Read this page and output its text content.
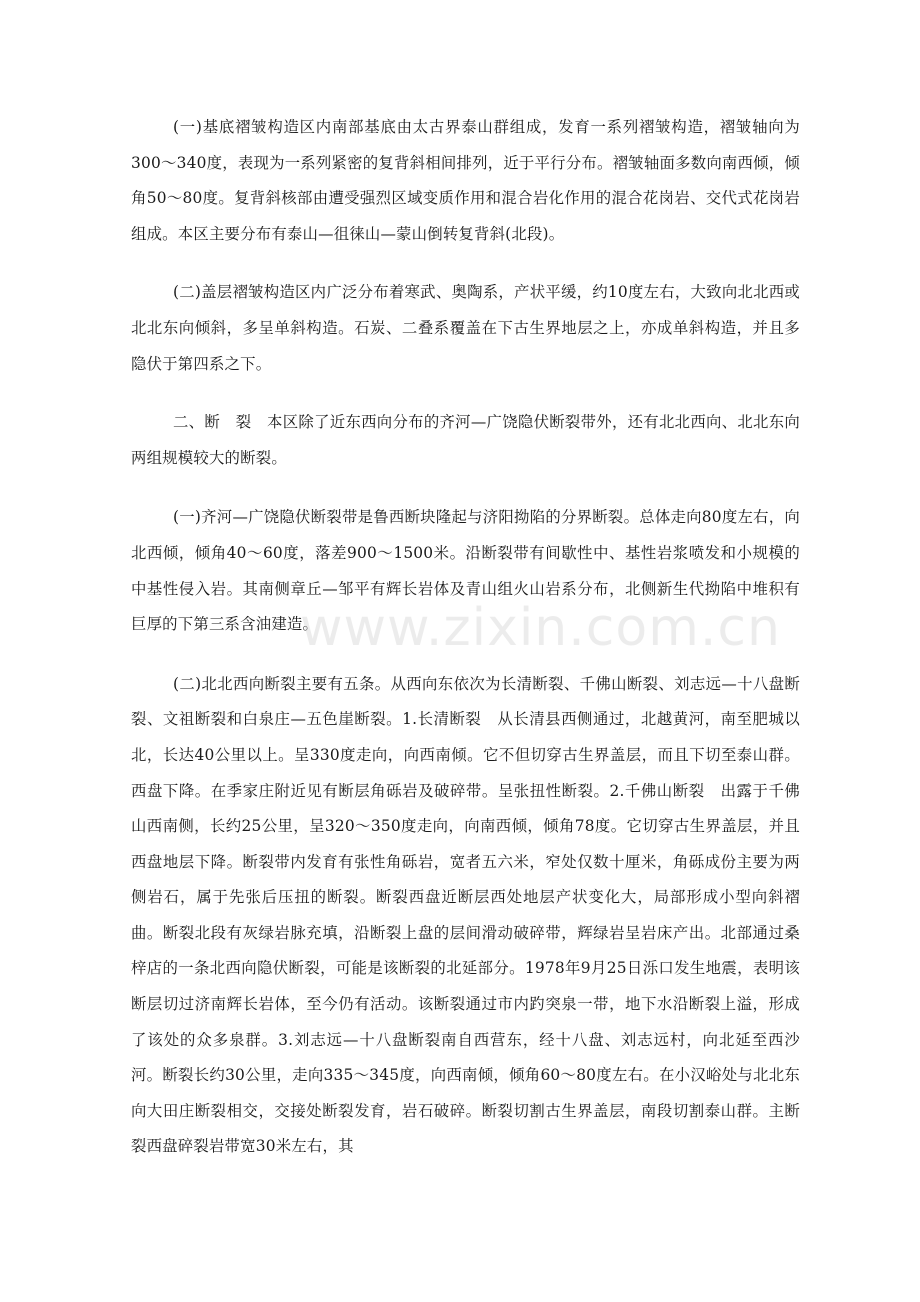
(一)基底褶皱构造区内南部基底由太古界泰山群组成，发育一系列褶皱构造，褶皱轴向为300～340度，表现为一系列紧密的复背斜相间排列，近于平行分布。褶皱轴面多数向南西倾，倾角50～80度。复背斜核部由遭受强烈区域变质作用和混合岩化作用的混合花岗岩、交代式花岗岩组成。本区主要分布有泰山—徂徕山—蒙山倒转复背斜(北段)。

(二)盖层褶皱构造区内广泛分布着寒武、奥陶系，产状平缓，约10度左右，大致向北北西或北北东向倾斜，多呈单斜构造。石炭、二叠系覆盖在下古生界地层之上，亦成单斜构造，并且多隐伏于第四系之下。

二、断　裂　本区除了近东西向分布的齐河—广饶隐伏断裂带外，还有北北西向、北北东向两组规模较大的断裂。

(一)齐河—广饶隐伏断裂带是鲁西断块隆起与济阳拗陷的分界断裂。总体走向80度左右，向北西倾，倾角40～60度，落差900～1500米。沿断裂带有间歇性中、基性岩浆喷发和小规模的中基性侵入岩。其南侧章丘—邹平有辉长岩体及青山组火山岩系分布，北侧新生代拗陷中堆积有巨厚的下第三系含油建造。

(二)北北西向断裂主要有五条。从西向东依次为长清断裂、千佛山断裂、刘志远—十八盘断裂、文祖断裂和白泉庄—五色崖断裂。1.长清断裂　从长清县西侧通过，北越黄河，南至肥城以北，长达40公里以上。呈330度走向，向西南倾。它不但切穿古生界盖层，而且下切至泰山群。西盘下降。在季家庄附近见有断层角砾岩及破碎带。呈张扭性断裂。2.千佛山断裂　出露于千佛山西南侧，长约25公里，呈320～350度走向，向南西倾，倾角78度。它切穿古生界盖层，并且西盘地层下降。断裂带内发育有张性角砾岩，宽者五六米，窄处仅数十厘米，角砾成份主要为两侧岩石，属于先张后压扭的断裂。断裂西盘近断层西处地层产状变化大，局部形成小型向斜褶曲。断裂北段有灰绿岩脉充填，沿断裂上盘的层间滑动破碎带，辉绿岩呈岩床产出。北部通过桑梓店的一条北西向隐伏断裂，可能是该断裂的北延部分。1978年9月25日泺口发生地震，表明该断层切过济南辉长岩体，至今仍有活动。该断裂通过市内趵突泉一带，地下水沿断裂上溢，形成了该处的众多泉群。3.刘志远—十八盘断裂南自西营东，经十八盘、刘志远村，向北延至西沙河。断裂长约30公里，走向335～345度，向西南倾，倾角60～80度左右。在小汉峪处与北北东向大田庄断裂相交，交接处断裂发育，岩石破碎。断裂切割古生界盖层，南段切割泰山群。主断裂西盘碎裂岩带宽30米左右，其

www.zixin.com.cn
